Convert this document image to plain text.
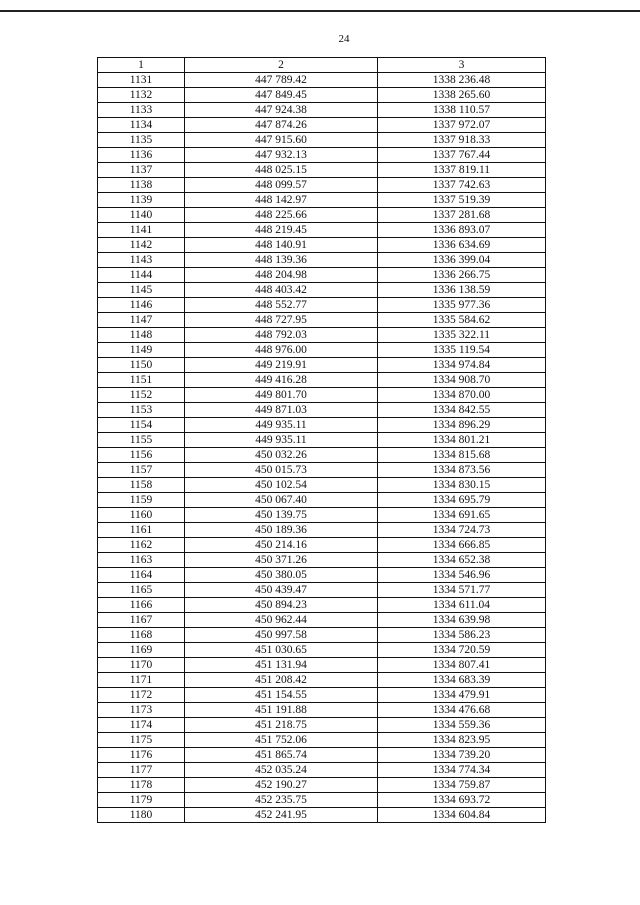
24
1	2	3
1131	447 789.42	1338 236.48
1132	447 849.45	1338 265.60
1133	447 924.38	1338 110.57
1134	447 874.26	1337 972.07
1135	447 915.60	1337 918.33
1136	447 932.13	1337 767.44
1137	448 025.15	1337 819.11
1138	448 099.57	1337 742.63
1139	448 142.97	1337 519.39
1140	448 225.66	1337 281.68
1141	448 219.45	1336 893.07
1142	448 140.91	1336 634.69
1143	448 139.36	1336 399.04
1144	448 204.98	1336 266.75
1145	448 403.42	1336 138.59
1146	448 552.77	1335 977.36
1147	448 727.95	1335 584.62
1148	448 792.03	1335 322.11
1149	448 976.00	1335 119.54
1150	449 219.91	1334 974.84
1151	449 416.28	1334 908.70
1152	449 801.70	1334 870.00
1153	449 871.03	1334 842.55
1154	449 935.11	1334 896.29
1155	449 935.11	1334 801.21
1156	450 032.26	1334 815.68
1157	450 015.73	1334 873.56
1158	450 102.54	1334 830.15
1159	450 067.40	1334 695.79
1160	450 139.75	1334 691.65
1161	450 189.36	1334 724.73
1162	450 214.16	1334 666.85
1163	450 371.26	1334 652.38
1164	450 380.05	1334 546.96
1165	450 439.47	1334 571.77
1166	450 894.23	1334 611.04
1167	450 962.44	1334 639.98
1168	450 997.58	1334 586.23
1169	451 030.65	1334 720.59
1170	451 131.94	1334 807.41
1171	451 208.42	1334 683.39
1172	451 154.55	1334 479.91
1173	451 191.88	1334 476.68
1174	451 218.75	1334 559.36
1175	451 752.06	1334 823.95
1176	451 865.74	1334 739.20
1177	452 035.24	1334 774.34
1178	452 190.27	1334 759.87
1179	452 235.75	1334 693.72
1180	452 241.95	1334 604.84
